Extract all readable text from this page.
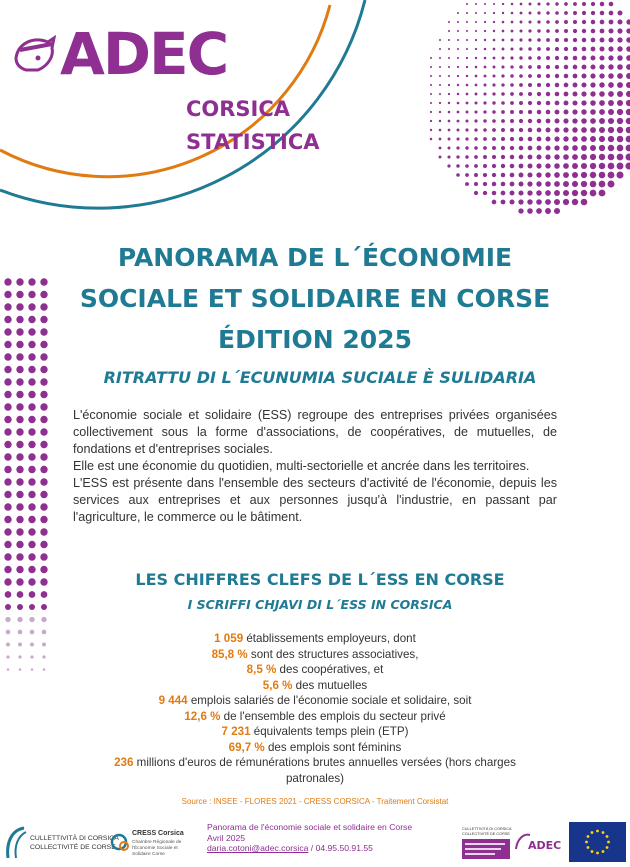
ADEC
CORSICA
STATISTICA
PANORAMA DE L´ÉCONOMIE
SOCIALE ET SOLIDAIRE EN CORSE
ÉDITION 2025
RITRATTU DI L´ECUNUMIA SUCIALE È SULIDARIA

L'économie sociale et solidaire (ESS) regroupe des entreprises privées organisées collectivement sous la forme d'associations, de coopératives, de mutuelles, de fondations et d'entreprises sociales.

Elle est une économie du quotidien, multi-sectorielle et ancrée dans les territoires.

L'ESS est présente dans l'ensemble des secteurs d'activité de l'économie, depuis les services aux entreprises et aux personnes jusqu'à l'industrie, en passant par l'agriculture, le commerce ou le bâtiment.

LES CHIFFRES CLEFS DE L´ESS EN CORSE
I SCRIFFI CHJAVI DI L´ESS IN CORSICA
1 059 établissements employeurs, dont
85,8 % sont des structures associatives,
8,5 % des coopératives, et
5,6 % des mutuelles
9 444 emplois salariés de l'économie sociale et solidaire, soit
12,6 % de l'ensemble des emplois du secteur privé
7 231 équivalents temps plein (ETP)
69,7 % des emplois sont féminins
236 millions d'euros de rémunérations brutes annuelles versées (hors charges patronales)
Source : INSEE - FLORES 2021 - CRESS CORSICA - Traitement Corsistat
CULLETTIVITÀ DI CORSICA
COLLECTIVITÉ DE CORSE
CRESS Corsica
Chambre Régionale de
l'Économie Sociale et
Solidaire Corse
Panorama de l'économie sociale et solidaire en Corse
Avril 2025
daria.cotoni@adec.corsica / 04.95.50.91.55
CULLETTIVITÀ DI CORSICA
COLLECTIVITÉ DE CORSE
ADEC
